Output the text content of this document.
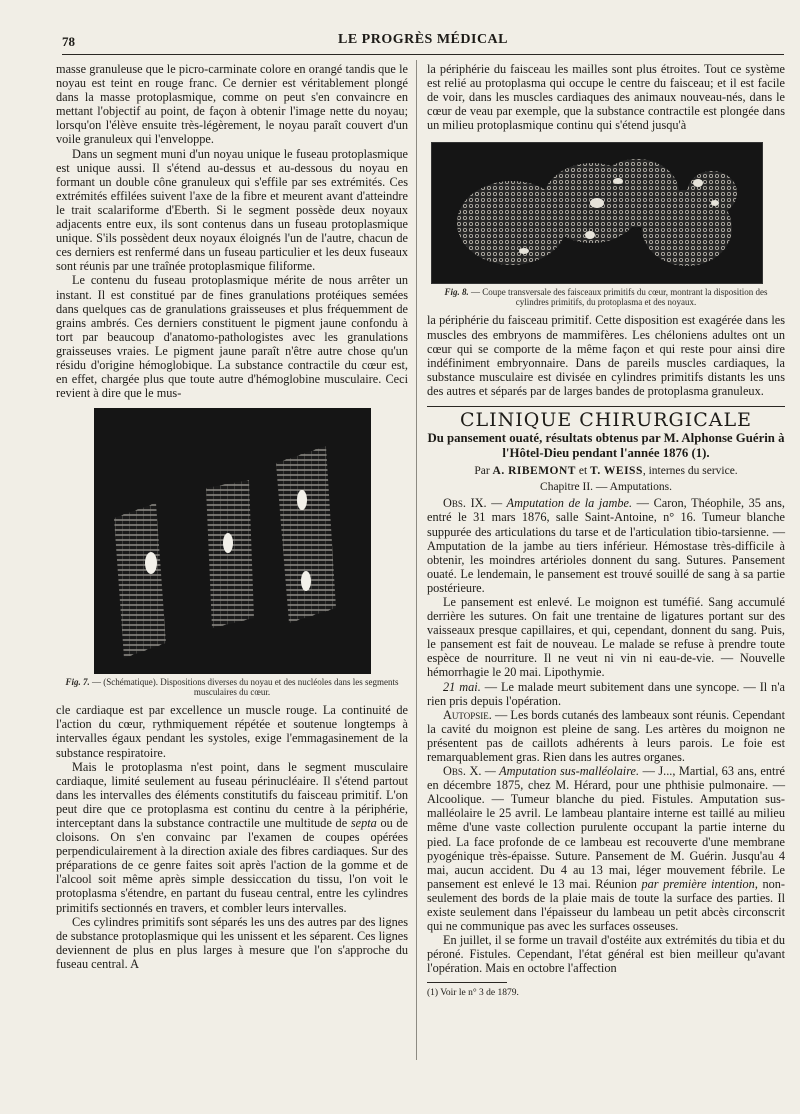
78	LE PROGRÈS MÉDICAL

masse granuleuse que le picro-carminate colore en orangé tandis que le noyau est teint en rouge franc. Ce dernier est véritablement plongé dans la masse protoplasmique, comme on peut s'en convaincre en mettant l'objectif au point, de façon à obtenir l'image nette du noyau; lorsqu'on l'élève ensuite très-légèrement, le noyau paraît couvert d'un voile granuleux qui l'enveloppe.

Dans un segment muni d'un noyau unique le fuseau protoplasmique est unique aussi. Il s'étend au-dessus et au-dessous du noyau en formant un double cône granuleux qui s'effile par ses extrémités. Ces extrémités effilées suivent l'axe de la fibre et meurent avant d'atteindre le trait scalariforme d'Eberth. Si le segment possède deux noyaux adjacents entre eux, ils sont contenus dans un fuseau protoplasmique unique. S'ils possèdent deux noyaux éloignés l'un de l'autre, chacun de ces derniers est renfermé dans un fuseau particulier et les deux fuseaux sont réunis par une traînée protoplasmique filiforme.

Le contenu du fuseau protoplasmique mérite de nous arrêter un instant. Il est constitué par de fines granulations protéiques semées dans quelques cas de granulations graisseuses et plus fréquemment de grains ambrés. Ces derniers constituent le pigment jaune confondu à tort par beaucoup d'anatomo-pathologistes avec les granulations graisseuses vraies. Le pigment jaune paraît n'être autre chose qu'un résidu d'origine hémoglobique. La substance contractile du cœur est, en effet, chargée plus que toute autre d'hémoglobine musculaire. Ceci revient à dire que le mus-

Fig. 7. — (Schématique). Dispositions diverses du noyau et des nucléoles dans les segments musculaires du cœur.

cle cardiaque est par excellence un muscle rouge. La continuité de l'action du cœur, rythmiquement répétée et soutenue longtemps à intervalles égaux pendant les systoles, exige l'emmagasinement de la substance respiratoire.

Mais le protoplasma n'est point, dans le segment musculaire cardiaque, limité seulement au fuseau périnucléaire. Il s'étend partout dans les intervalles des éléments constitutifs du faisceau primitif. L'on peut dire que ce protoplasma est continu du centre à la périphérie, interceptant dans la substance contractile une multitude de septa ou de cloisons. On s'en convainc par l'examen de coupes opérées perpendiculairement à la direction axiale des fibres cardiaques. Sur des préparations de ce genre faites soit après l'action de la gomme et de l'alcool soit même après simple dessiccation du tissu, l'on voit le protoplasma s'étendre, en partant du fuseau central, entre les cylindres primitifs sectionnés en travers, et combler leurs intervalles.

Ces cylindres primitifs sont séparés les uns des autres par des lignes de substance protoplasmique qui les unissent et les séparent. Ces lignes deviennent de plus en plus larges à mesure que l'on s'approche du fuseau central. A

la périphérie du faisceau les mailles sont plus étroites. Tout ce système est relié au protoplasma qui occupe le centre du faisceau; et il est facile de voir, dans les muscles cardiaques des animaux nouveau-nés, dans le cœur de veau par exemple, que la substance contractile est plongée dans un milieu protoplasmique continu qui s'étend jusqu'à

Fig. 8. — Coupe transversale des faisceaux primitifs du cœur, montrant la disposition des cylindres primitifs, du protoplasma et des noyaux.

la périphérie du faisceau primitif. Cette disposition est exagérée dans les muscles des embryons de mammifères. Les chéloniens adultes ont un cœur qui se comporte de la même façon et qui reste pour ainsi dire indéfiniment embryonnaire. Dans de pareils muscles cardiaques, la substance musculaire est divisée en cylindres primitifs distants les uns des autres et séparés par de larges bandes de protoplasma granuleux.

CLINIQUE CHIRURGICALE
Du pansement ouaté, résultats obtenus par M. Alphonse Guérin à l'Hôtel-Dieu pendant l'année 1876 (1).
Par A. RIBEMONT et T. WEISS, internes du service.
Chapitre II. — Amputations.

Obs. IX. — Amputation de la jambe. — Caron, Théophile, 35 ans, entré le 31 mars 1876, salle Saint-Antoine, n° 16. Tumeur blanche suppurée des articulations du tarse et de l'articulation tibio-tarsienne. — Amputation de la jambe au tiers inférieur. Hémostase très-difficile à obtenir, les moindres artérioles donnent du sang. Sutures. Pansement ouaté. Le lendemain, le pansement est trouvé souillé de sang à sa partie postérieure.

Le pansement est enlevé. Le moignon est tuméfié. Sang accumulé derrière les sutures. On fait une trentaine de ligatures portant sur des vaisseaux presque capillaires, et qui, cependant, donnent du sang. Puis, le pansement est fait de nouveau. Le malade se refuse à prendre toute espèce de nourriture. Il ne veut ni vin ni eau-de-vie. — Nouvelle hémorrhagie le 20 mai. Lipothymie.

21 mai. — Le malade meurt subitement dans une syncope. — Il n'a rien pris depuis l'opération.

Autopsie. — Les bords cutanés des lambeaux sont réunis. Cependant la cavité du moignon est pleine de sang. Les artères du moignon ne présentent pas de caillots adhérents à leurs parois. Le foie est remarquablement gras. Rien dans les autres organes.

Obs. X. — Amputation sus-malléolaire. — J..., Martial, 63 ans, entré en décembre 1875, chez M. Hérard, pour une phthisie pulmonaire. — Alcoolique. — Tumeur blanche du pied. Fistules. Amputation sus-malléolaire le 25 avril. Le lambeau plantaire interne est taillé au milieu même d'une vaste collection purulente occupant la partie interne du pied. La face profonde de ce lambeau est recouverte d'une membrane pyogénique très-épaisse. Suture. Pansement de M. Guérin. Jusqu'au 4 mai, aucun accident. Du 4 au 13 mai, léger mouvement fébrile. Le pansement est enlevé le 13 mai. Réunion par première intention, non-seulement des bords de la plaie mais de toute la surface des parties. Il existe seulement dans l'épaisseur du lambeau un petit abcès circonscrit qui ne communique pas avec les surfaces osseuses.

En juillet, il se forme un travail d'ostéite aux extrémités du tibia et du péroné. Fistules. Cependant, l'état général est bien meilleur qu'avant l'opération. Mais en octobre l'affection

(1) Voir le n° 3 de 1879.
